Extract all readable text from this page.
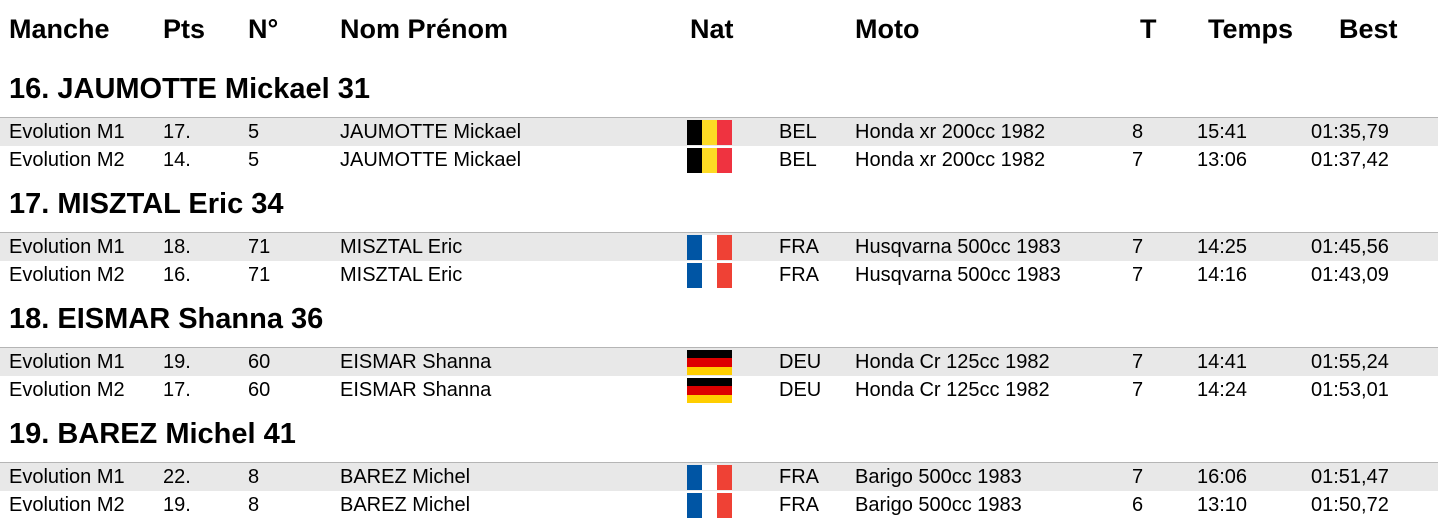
Manche Pts N° Nom Prénom	Nat	Moto	T Temps Best
16. JAUMOTTE Mickael 31
Evolution M1 17.	5	JAUMOTTE Mickael	BEL Honda xr 200cc 1982	8	15:41	01:35,79
Evolution M2 14.	5	JAUMOTTE Mickael	BEL Honda xr 200cc 1982	7	13:06	01:37,42
17. MISZTAL Eric 34
Evolution M1 18.	71	MISZTAL Eric	FRA Husqvarna 500cc 1983	7	14:25	01:45,56
Evolution M2 16.	71	MISZTAL Eric	FRA Husqvarna 500cc 1983	7	14:16	01:43,09
18. EISMAR Shanna 36
Evolution M1 19.	60	EISMAR Shanna	DEU Honda Cr 125cc 1982	7	14:41	01:55,24
Evolution M2 17.	60	EISMAR Shanna	DEU Honda Cr 125cc 1982	7	14:24	01:53,01
19. BAREZ Michel 41
Evolution M1 22.	8	BAREZ Michel	FRA Barigo 500cc 1983	7	16:06	01:51,47
Evolution M2 19.	8	BAREZ Michel	FRA Barigo 500cc 1983	6	13:10	01:50,72
